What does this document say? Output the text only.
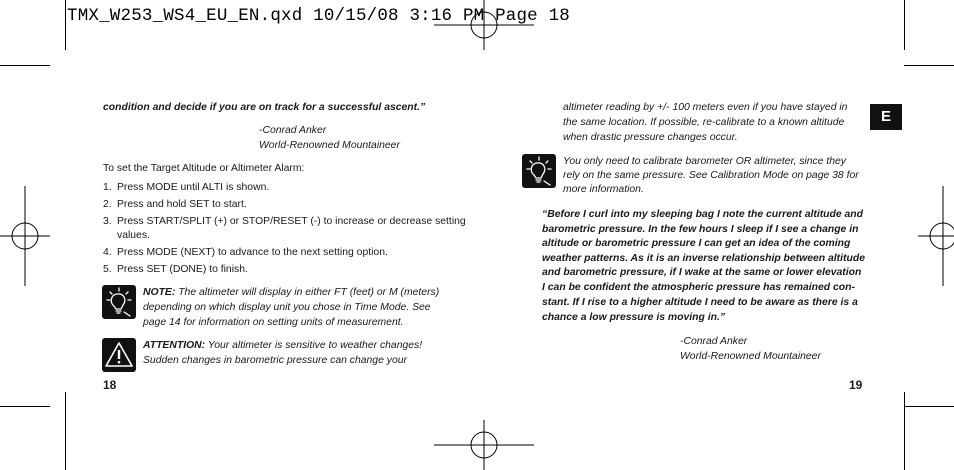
TMX_W253_WS4_EU_EN.qxd 10/15/08 3:16 PM Page 18
condition and decide if you are on track for a successful ascent.”
-Conrad Anker
World-Renowned Mountaineer
To set the Target Altitude or Altimeter Alarm:
1. Press MODE until ALTI is shown.
2. Press and hold SET to start.
3. Press START/SPLIT (+) or STOP/RESET (-) to increase or decrease setting
values.
4. Press MODE (NEXT) to advance to the next setting option.
5. Press SET (DONE) to finish.
NOTE: The altimeter will display in either FT (feet) or M (meters)
depending on which display unit you chose in Time Mode. See
page 14 for information on setting units of measurement.
ATTENTION: Your altimeter is sensitive to weather changes!
Sudden changes in barometric pressure can change your
18
altimeter reading by +/- 100 meters even if you have stayed in
the same location. If possible, re-calibrate to a known altitude
when drastic pressure changes occur.
E
You only need to calibrate barometer OR altimeter, since they
rely on the same pressure. See Calibration Mode on page 38 for
more information.
“Before I curl into my sleeping bag I note the current altitude and
barometric pressure. In the few hours I sleep if I see a change in
altitude or barometric pressure I can get an idea of the coming
weather patterns. As it is an inverse relationship between altitude
and barometric pressure, if I wake at the same or lower elevation
I can be confident the atmospheric pressure has remained con-
stant. If I rise to a higher altitude I need to be aware as there is a
chance a low pressure is moving in.”
-Conrad Anker
World-Renowned Mountaineer
19
